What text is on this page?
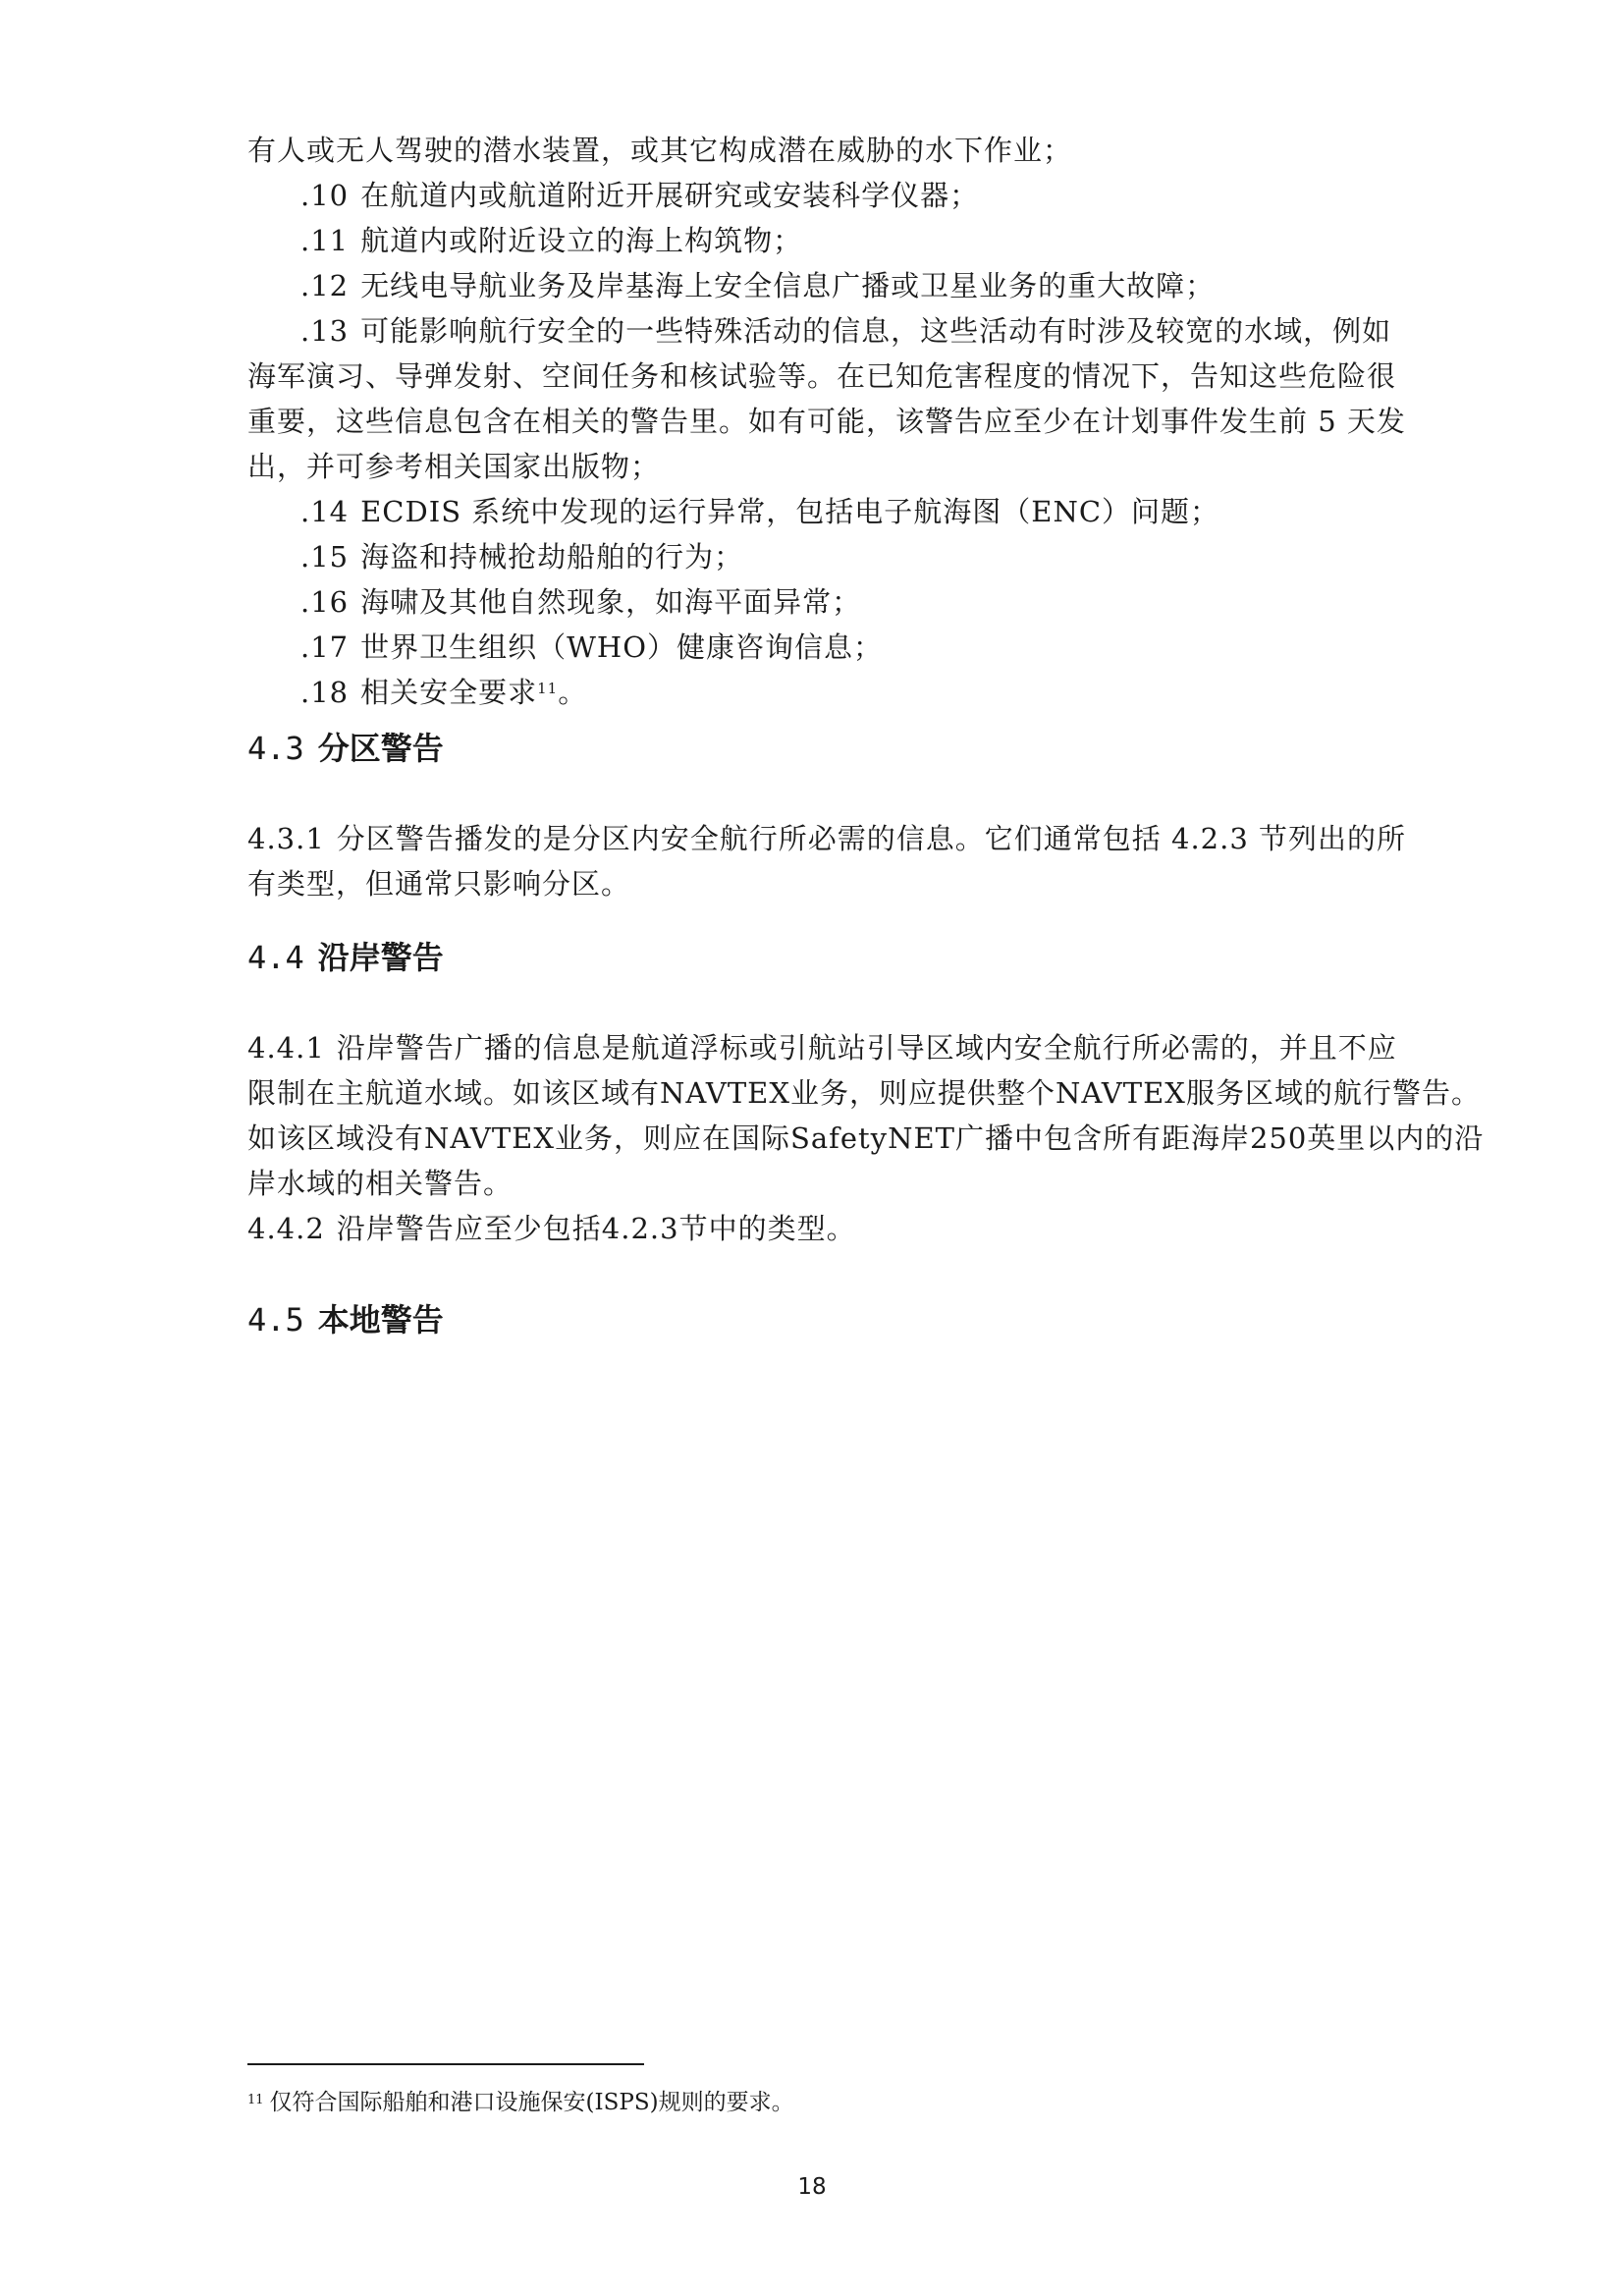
有人或无人驾驶的潜水装置，或其它构成潜在威胁的水下作业；
.10 在航道内或航道附近开展研究或安装科学仪器；
.11 航道内或附近设立的海上构筑物；
.12 无线电导航业务及岸基海上安全信息广播或卫星业务的重大故障；
.13 可能影响航行安全的一些特殊活动的信息，这些活动有时涉及较宽的水域，例如
海军演习、导弹发射、空间任务和核试验等。在已知危害程度的情况下，告知这些危险很
重要，这些信息包含在相关的警告里。如有可能，该警告应至少在计划事件发生前 5 天发
出，并可参考相关国家出版物；
.14 ECDIS 系统中发现的运行异常，包括电子航海图（ENC）问题；
.15 海盗和持械抢劫船舶的行为；
.16 海啸及其他自然现象，如海平面异常；
.17 世界卫生组织（WHO）健康咨询信息；
.18 相关安全要求$^{11}$。
4.3 分区警告
4.3.1 分区警告播发的是分区内安全航行所必需的信息。它们通常包括 4.2.3 节列出的所
有类型，但通常只影响分区。
4.4 沿岸警告
4.4.1 沿岸警告广播的信息是航道浮标或引航站引导区域内安全航行所必需的，并且不应
限制在主航道水域。如该区域有NAVTEX业务，则应提供整个NAVTEX服务区域的航行警告。
如该区域没有NAVTEX业务，则应在国际SafetyNET广播中包含所有距海岸250英里以内的沿
岸水域的相关警告。
4.4.2 沿岸警告应至少包括4.2.3节中的类型。
4.5 本地警告
$^{11}$ 仅符合国际船舶和港口设施保安(ISPS)规则的要求。
18
